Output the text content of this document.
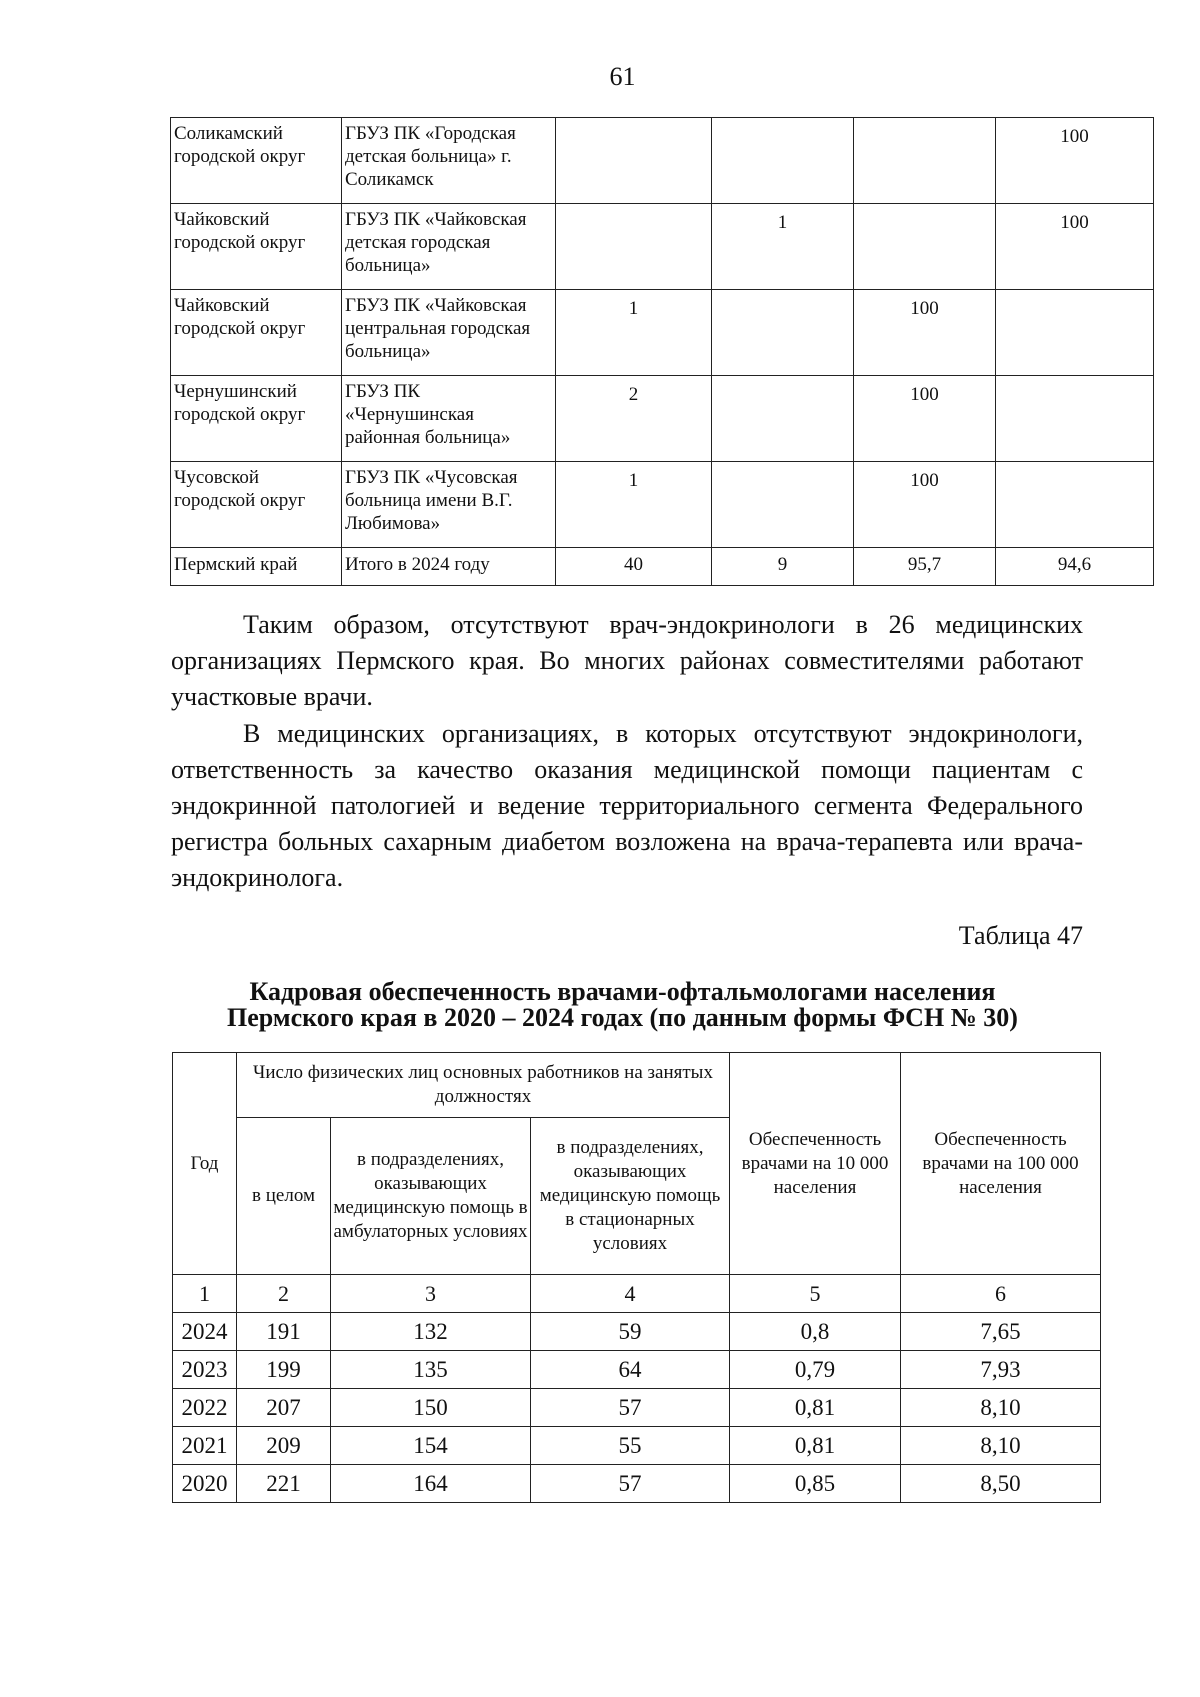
61
Соликамский городской округ	ГБУЗ ПК «Городская детская больница» г. Соликамск				100
Чайковский городской округ	ГБУЗ ПК «Чайковская детская городская больница»		1		100
Чайковский городской округ	ГБУЗ ПК «Чайковская центральная городская больница»	1		100	
Чернушинский городской округ	ГБУЗ ПК «Чернушинская районная больница»	2		100	
Чусовской городской округ	ГБУЗ ПК «Чусовская больница имени В.Г. Любимова»	1		100	
Пермский край	Итого в 2024 году	40	9	95,7	94,6
Таким образом, отсутствуют врач-эндокринологи в 26 медицинских организациях Пермского края. Во многих районах совместителями работают участковые врачи.
В медицинских организациях, в которых отсутствуют эндокринологи, ответственность за качество оказания медицинской помощи пациентам с эндокринной патологией и ведение территориального сегмента Федерального регистра больных сахарным диабетом возложена на врача-терапевта или врача-эндокринолога.
Таблица 47
Кадровая обеспеченность врачами-офтальмологами населения
Пермского края в 2020 – 2024 годах (по данным формы ФСН № 30)
Год	Число физических лиц основных работников на занятых должностях			Обеспеченность врачами на 10 000 населения	Обеспеченность врачами на 100 000 населения
	в целом	в подразделениях, оказывающих медицинскую помощь в амбулаторных условиях	в подразделениях, оказывающих медицинскую помощь в стационарных условиях		
1	2	3	4	5	6
2024	191	132	59	0,8	7,65
2023	199	135	64	0,79	7,93
2022	207	150	57	0,81	8,10
2021	209	154	55	0,81	8,10
2020	221	164	57	0,85	8,50
